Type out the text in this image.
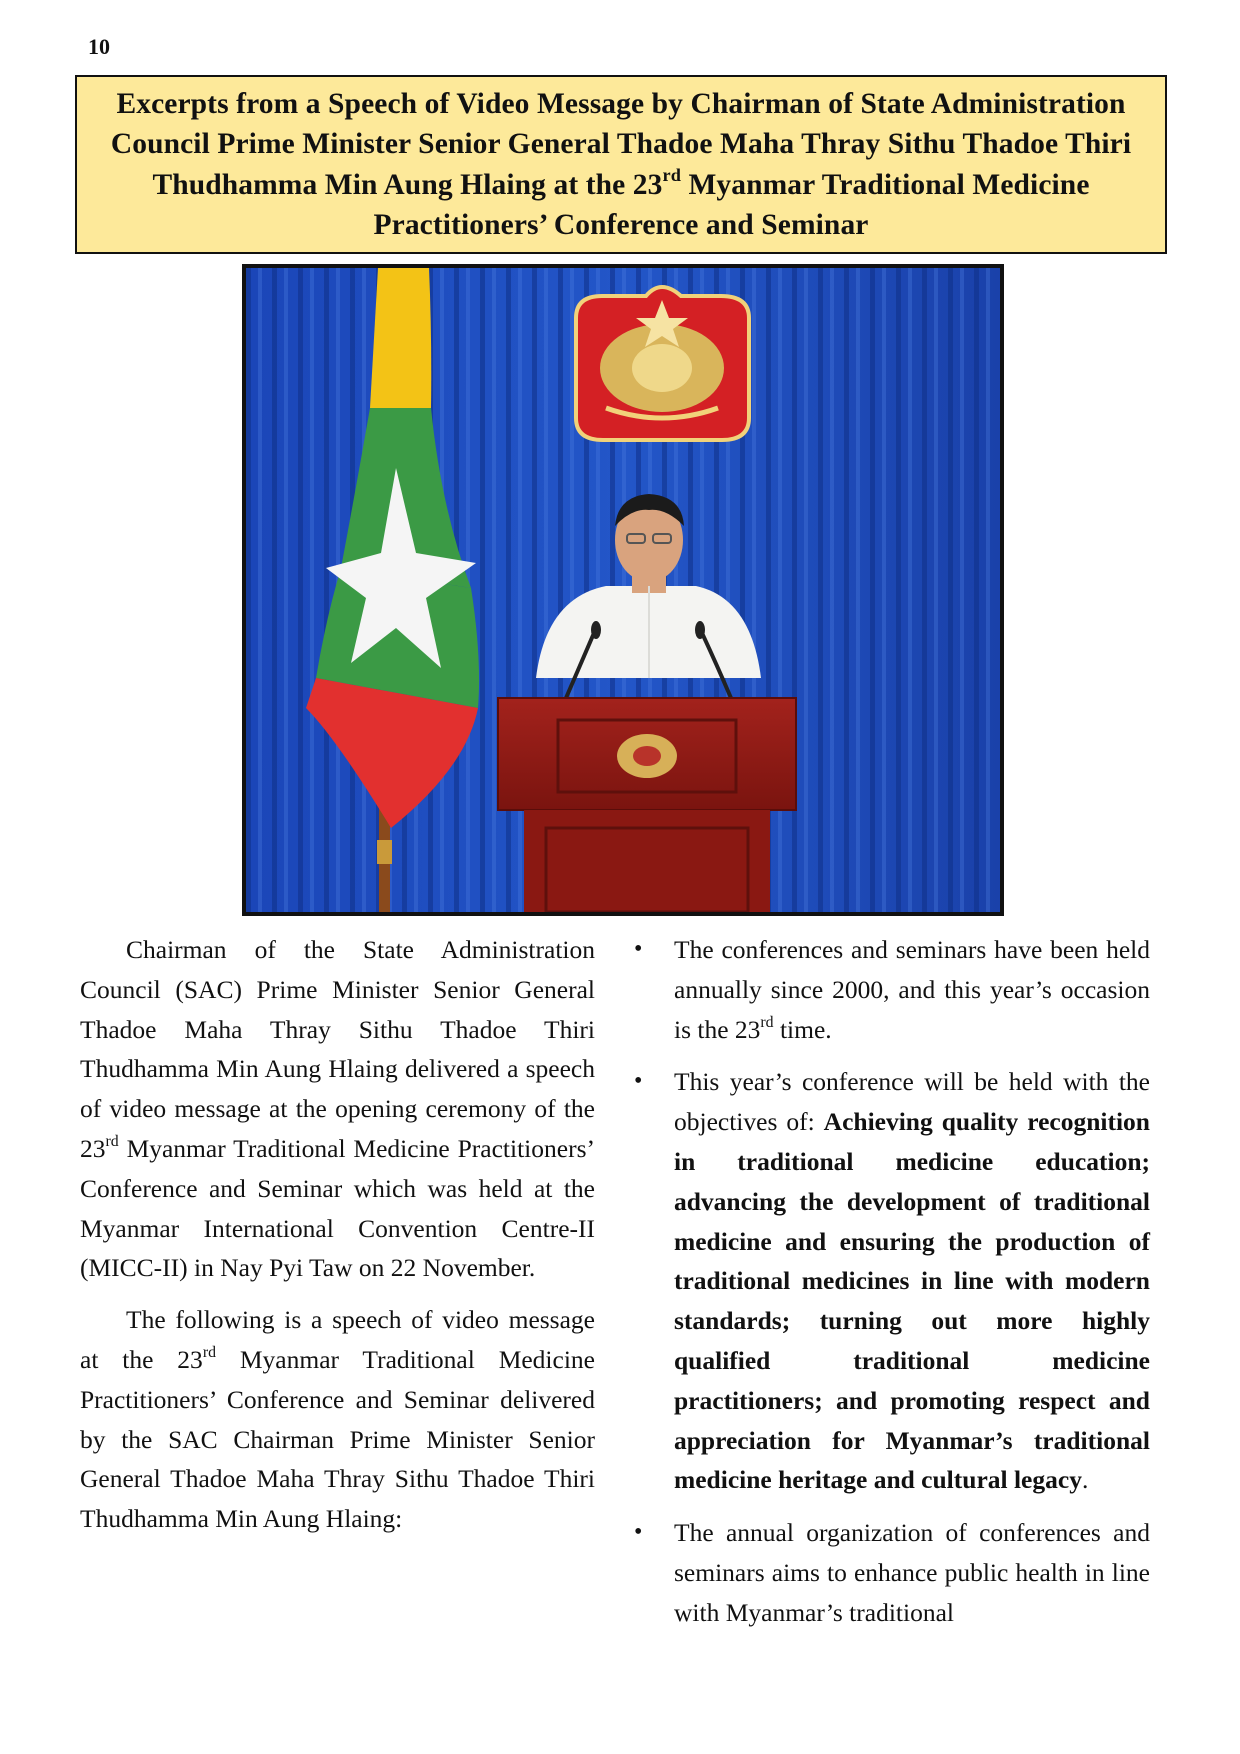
10
Excerpts from a Speech of Video Message by Chairman of State Administration Council Prime Minister Senior General Thadoe Maha Thray Sithu Thadoe Thiri Thudhamma Min Aung Hlaing at the 23rd Myanmar Traditional Medicine Practitioners’ Conference and Seminar

Chairman of the State Administration Council (SAC) Prime Minister Senior General Thadoe Maha Thray Sithu Thadoe Thiri Thudhamma Min Aung Hlaing delivered a speech of video message at the opening ceremony of the 23rd Myanmar Traditional Medicine Practitioners’ Conference and Seminar which was held at the Myanmar International Convention Centre-II (MICC-II) in Nay Pyi Taw on 22 November.

The following is a speech of video message at the 23rd Myanmar Traditional Medicine Practitioners’ Conference and Seminar delivered by the SAC Chairman Prime Minister Senior General Thadoe Maha Thray Sithu Thadoe Thiri Thudhamma Min Aung Hlaing:

• The conferences and seminars have been held annually since 2000, and this year’s occasion is the 23rd time.
• This year’s conference will be held with the objectives of: Achieving quality recognition in traditional medicine education; advancing the development of traditional medicine and ensuring the production of traditional medicines in line with modern standards; turning out more highly qualified traditional medicine practitioners; and promoting respect and appreciation for Myanmar’s traditional medicine heritage and cultural legacy.
• The annual organization of conferences and seminars aims to enhance public health in line with Myanmar’s traditional
